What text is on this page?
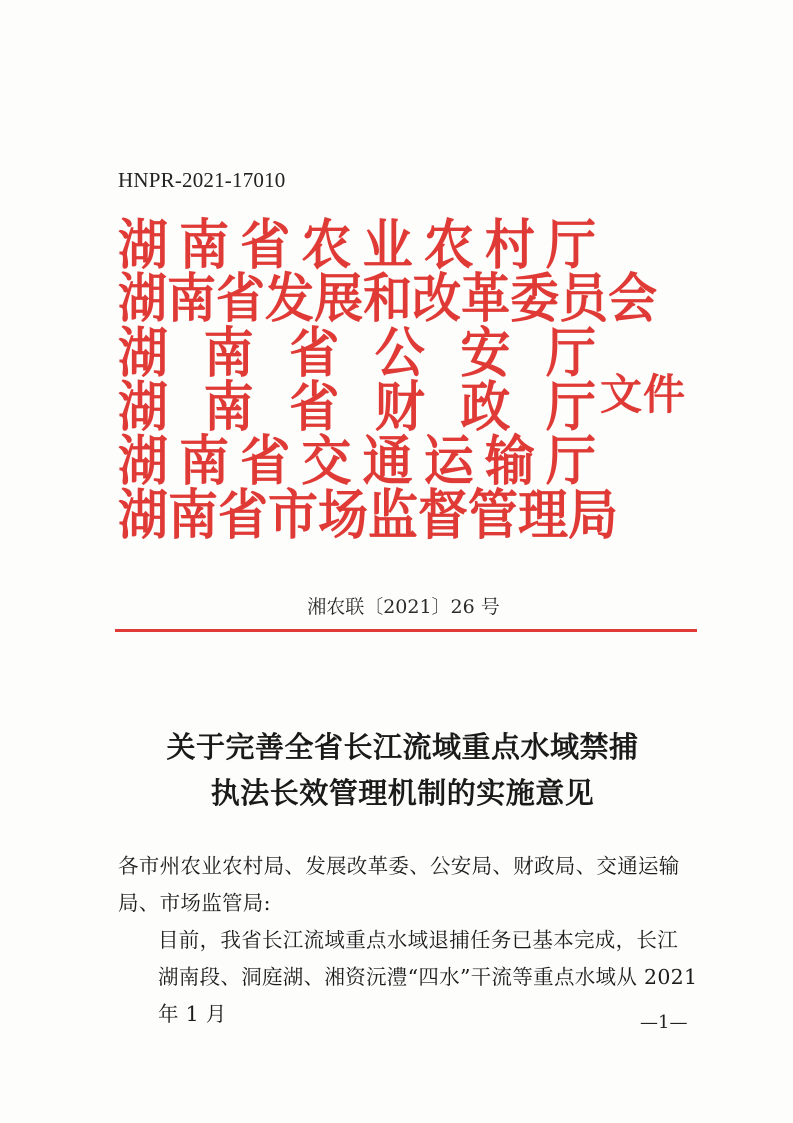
HNPR-2021-17010
湖 南 省 农 业 农 村 厅
湖 南 省 发 展 和 改 革 委 员 会
湖 南 省 公 安 厅
湖 南 省 财 政 厅
湖 南 省 交 通 运 输 厅
湖 南 省 市 场 监 督 管 理 局
文件
湘农联〔2021〕26 号
关于完善全省长江流域重点水域禁捕
执法长效管理机制的实施意见

各市州农业农村局、发展改革委、公安局、财政局、交通运输局、市场监管局:

目前，我省长江流域重点水域退捕任务已基本完成，长江湖南段、洞庭湖、湘资沅澧“四水”干流等重点水域从 2021 年 1 月	—1—
